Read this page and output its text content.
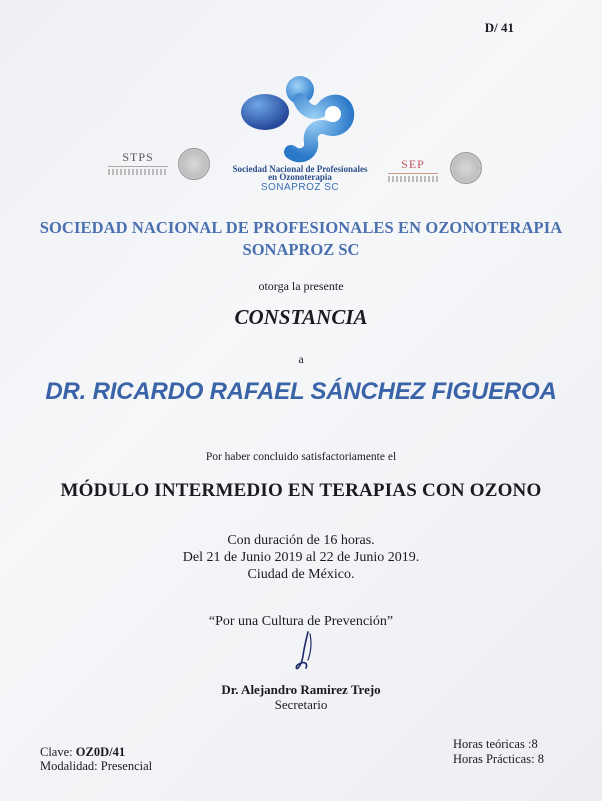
D/ 41
STPS
Sociedad Nacional de Profesionales
en Ozonoterapia
SONAPROZ SC
SEP
SOCIEDAD NACIONAL DE PROFESIONALES EN OZONOTERAPIA
SONAPROZ SC
otorga la presente
CONSTANCIA
a
DR. RICARDO RAFAEL SÁNCHEZ FIGUEROA
Por haber concluido satisfactoriamente el
MÓDULO INTERMEDIO EN TERAPIAS CON OZONO
Con duración de 16 horas.
Del 21 de Junio 2019 al 22 de Junio 2019.
Ciudad de México.
“Por una Cultura de Prevención”
Dr. Alejandro Ramirez Trejo
Secretario
Clave: OZ0D/41
Modalidad: Presencial
Horas teóricas :8
Horas Prácticas: 8
